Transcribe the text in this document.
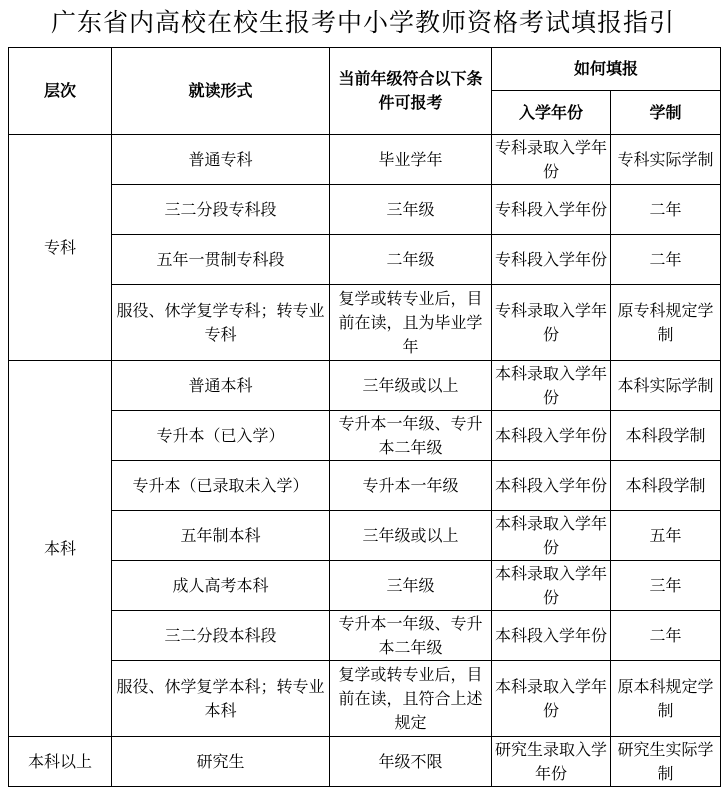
广东省内高校在校生报考中小学教师资格考试填报指引
层次	就读形式	当前年级符合以下条件可报考	如何填报	
			入学年份	学制
专科	普通专科	毕业学年	专科录取入学年份	专科实际学制
	三二分段专科段	三年级	专科段入学年份	二年
	五年一贯制专科段	二年级	专科段入学年份	二年
	服役、休学复学专科；转专业专科	复学或转专业后，目前在读，且为毕业学年	专科录取入学年份	原专科规定学制
本科	普通本科	三年级或以上	本科录取入学年份	本科实际学制
	专升本（已入学）	专升本一年级、专升本二年级	本科段入学年份	本科段学制
	专升本（已录取未入学）	专升本一年级	本科段入学年份	本科段学制
	五年制本科	三年级或以上	本科录取入学年份	五年
	成人高考本科	三年级	本科录取入学年份	三年
	三二分段本科段	专升本一年级、专升本二年级	本科段入学年份	二年
	服役、休学复学本科；转专业本科	复学或转专业后，目前在读，且符合上述规定	本科录取入学年份	原本科规定学制
本科以上	研究生	年级不限	研究生录取入学年份	研究生实际学制
